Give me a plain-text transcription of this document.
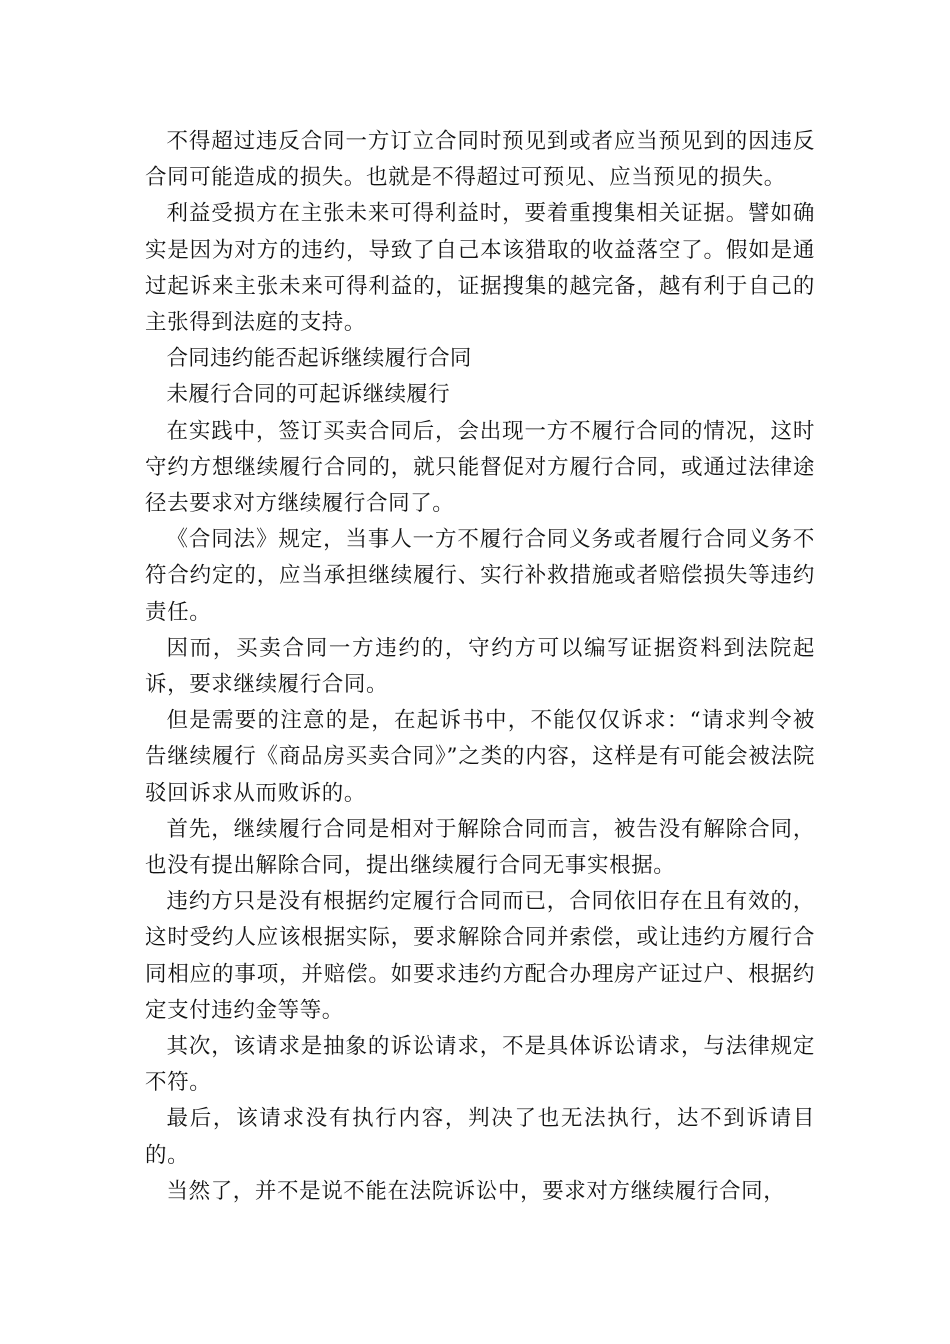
不得超过违反合同一方订立合同时预见到或者应当预见到的因违反合同可能造成的损失。也就是不得超过可预见、应当预见的损失。

利益受损方在主张未来可得利益时，要着重搜集相关证据。譬如确实是因为对方的违约，导致了自己本该猎取的收益落空了。假如是通过起诉来主张未来可得利益的，证据搜集的越完备，越有利于自己的主张得到法庭的支持。

合同违约能否起诉继续履行合同

未履行合同的可起诉继续履行

在实践中，签订买卖合同后，会出现一方不履行合同的情况，这时守约方想继续履行合同的，就只能督促对方履行合同，或通过法律途径去要求对方继续履行合同了。

《合同法》规定，当事人一方不履行合同义务或者履行合同义务不符合约定的，应当承担继续履行、实行补救措施或者赔偿损失等违约责任。

因而，买卖合同一方违约的，守约方可以编写证据资料到法院起诉，要求继续履行合同。

但是需要的注意的是，在起诉书中，不能仅仅诉求：“请求判令被告继续履行《商品房买卖合同》”之类的内容，这样是有可能会被法院驳回诉求从而败诉的。

首先，继续履行合同是相对于解除合同而言，被告没有解除合同，也没有提出解除合同，提出继续履行合同无事实根据。

违约方只是没有根据约定履行合同而已，合同依旧存在且有效的，这时受约人应该根据实际，要求解除合同并索偿，或让违约方履行合同相应的事项，并赔偿。如要求违约方配合办理房产证过户、根据约定支付违约金等等。

其次，该请求是抽象的诉讼请求，不是具体诉讼请求，与法律规定不符。

最后，该请求没有执行内容，判决了也无法执行，达不到诉请目的。

当然了，并不是说不能在法院诉讼中，要求对方继续履行合同，
